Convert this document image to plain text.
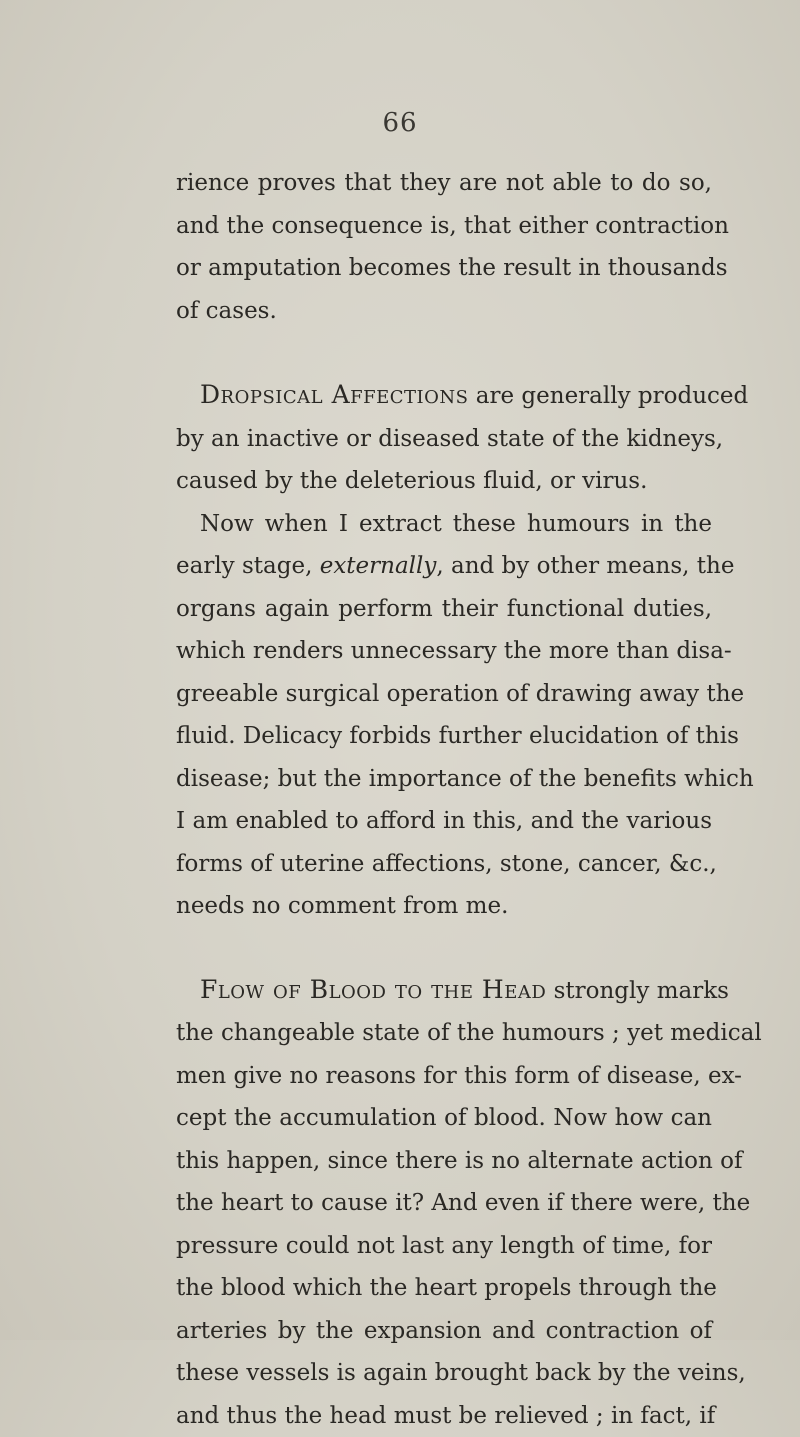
66
rience proves that they are not able to do so,
and the consequence is, that either contraction
or amputation becomes the result in thousands
of cases.
Dropsical Affections are generally produced
by an inactive or diseased state of the kidneys,
caused by the deleterious fluid, or virus.
Now when I extract these humours in the
early stage, externally, and by other means, the
organs again perform their functional duties,
which renders unnecessary the more than disa-
greeable surgical operation of drawing away the
fluid. Delicacy forbids further elucidation of this
disease; but the importance of the benefits which
I am enabled to afford in this, and the various
forms of uterine affections, stone, cancer, &c.,
needs no comment from me.
Flow of Blood to the Head strongly marks
the changeable state of the humours ; yet medical
men give no reasons for this form of disease, ex-
cept the accumulation of blood. Now how can
this happen, since there is no alternate action of
the heart to cause it? And even if there were, the
pressure could not last any length of time, for
the blood which the heart propels through the
arteries by the expansion and contraction of
these vessels is again brought back by the veins,
and thus the head must be relieved ; in fact, if
